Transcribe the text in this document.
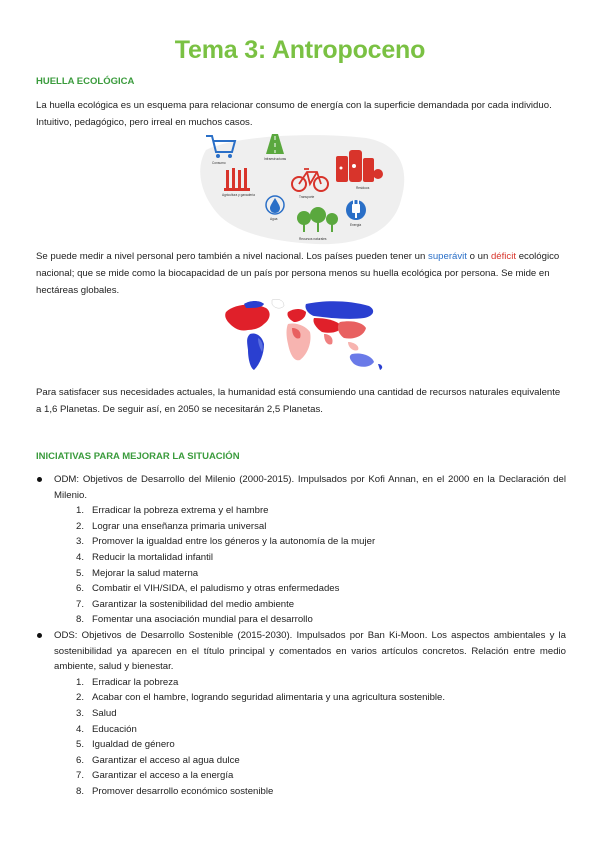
Tema 3: Antropoceno
HUELLA ECOLÓGICA
La huella ecológica es un esquema para relacionar consumo de energía con la superficie demandada por cada individuo. Intuitivo, pedagógico, pero irreal en muchos casos.
Consumo
Infraestructuras
Agricultura y ganadería	Transporte
Residuos
Agua
Recursos naturales
Energía
Se puede medir a nivel personal pero también a nivel nacional. Los países pueden tener un superávit o un déficit ecológico nacional; que se mide como la biocapacidad de un país por persona menos su huella ecológica por persona. Se mide en hectáreas globales.
Para satisfacer sus necesidades actuales, la humanidad está consumiendo una cantidad de recursos naturales equivalente a 1,6 Planetas. De seguir así, en 2050 se necesitarán 2,5 Planetas.
INICIATIVAS PARA MEJORAR LA SITUACIÓN
ODM: Objetivos de Desarrollo del Milenio (2000-2015). Impulsados por Kofi Annan, en el 2000 en la Declaración del Milenio.
1. Erradicar la pobreza extrema y el hambre
2. Lograr una enseñanza primaria universal
3. Promover la igualdad entre los géneros y la autonomía de la mujer
4. Reducir la mortalidad infantil
5. Mejorar la salud materna
6. Combatir el VIH/SIDA, el paludismo y otras enfermedades
7. Garantizar la sostenibilidad del medio ambiente
8. Fomentar una asociación mundial para el desarrollo
ODS: Objetivos de Desarrollo Sostenible (2015-2030). Impulsados por Ban Ki-Moon. Los aspectos ambientales y la sostenibilidad ya aparecen en el título principal y comentados en varios artículos concretos. Relación entre medio ambiente, salud y bienestar.
1. Erradicar la pobreza
2. Acabar con el hambre, logrando seguridad alimentaria y una agricultura sostenible.
3. Salud
4. Educación
5. Igualdad de género
6. Garantizar el acceso al agua dulce
7. Garantizar el acceso a la energía
8. Promover desarrollo económico sostenible
